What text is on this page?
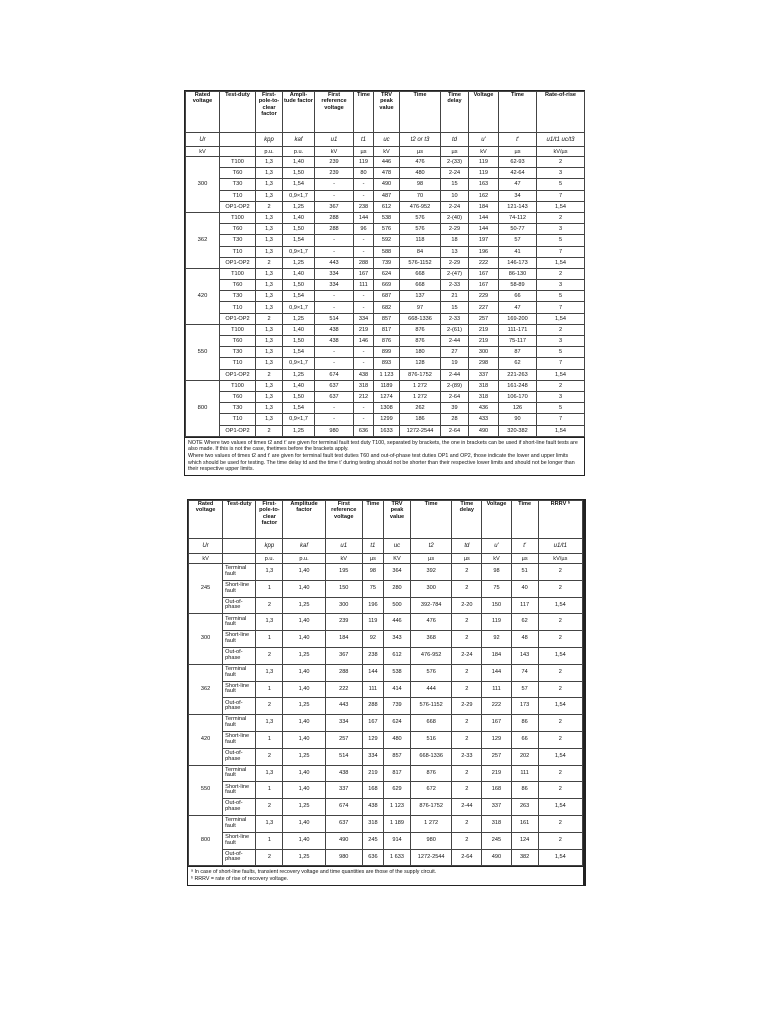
Rated voltage	Test-duty	First-pole-to-clear factor	Ampli-tude factor	First reference voltage	Time	TRV peak value	Time	Time delay	Voltage	Time	Rate-of-rise
Ur		kpp	kaf	u1	t1	uc	t2 or t3	td	u'	t'	u1/t1 uc/t3
kV		p.u.	p.u.	kV	µs	kV	µs	µs	kV	µs	kV/µs
300	T100	1,3	1,40	239	119	446	476	2-(33)	119	62-93	2
	T60	1,3	1,50	239	80	478	480	2-24	119	42-64	3
	T30	1,3	1,54	-	-	490	98	15	163	47	5
	T10	1,3	0,9×1,7	-	-	487	70	10	162	34	7
	OP1-OP2	2	1,25	367	238	612	476-952	2-24	184	121-143	1,54
362	T100	1,3	1,40	288	144	538	576	2-(40)	144	74-112	2
	T60	1,3	1,50	288	96	576	576	2-29	144	50-77	3
	T30	1,3	1,54	-	-	592	118	18	197	57	5
	T10	1,3	0,9×1,7	-	-	588	84	13	196	41	7
	OP1-OP2	2	1,25	443	288	739	576-1152	2-29	222	146-173	1,54
420	T100	1,3	1,40	334	167	624	668	2-(47)	167	86-130	2
	T60	1,3	1,50	334	111	669	668	2-33	167	58-89	3
	T30	1,3	1,54	-	-	687	137	21	229	66	5
	T10	1,3	0,9×1,7	-	-	682	97	15	227	47	7
	OP1-OP2	2	1,25	514	334	857	668-1336	2-33	257	169-200	1,54
550	T100	1,3	1,40	438	219	817	876	2-(61)	219	111-171	2
	T60	1,3	1,50	438	146	876	876	2-44	219	75-117	3
	T30	1,3	1,54	-	-	899	180	27	300	87	5
	T10	1,3	0,9×1,7	-	-	893	128	19	298	62	7
	OP1-OP2	2	1,25	674	438	1 123	876-1752	2-44	337	221-263	1,54
800	T100	1,3	1,40	637	318	1189	1 272	2-(89)	318	161-248	2
	T60	1,3	1,50	637	212	1274	1 272	2-64	318	106-170	3
	T30	1,3	1,54	-	-	1308	262	39	436	126	5
	T10	1,3	0,9×1,7	-	-	1299	186	28	433	90	7
	OP1-OP2	2	1,25	980	636	1633	1272-2544	2-64	490	320-382	1,54

NOTE Where two values of times t2 and t' are given for terminal fault test duty T100, separated by brackets, the one in brackets can be used if short-line fault tests are also made. If this is not the case, thetimes before the brackets apply.

Where two values of times t2 and t' are given for terminal fault test duties T60 and out-of-phase test duties OP1 and OP2, those indicate the lower and upper limits which should be used for testing. The time delay td and the time t' during testing should not be shorter than their respective lower limits and should not be longer than their respective upper limits.

Rated voltage	Test-duty	First-pole-to-clear factor	Amplitude factor	First reference voltage	Time	TRV peak value	Time	Time delay	Voltage	Time	RRRV ᵇ
Ur		kpp	kaf	u1	t1	uc	t2	td	u'	t'	u1/t1
kV		p.u.	p.u.	kV	µs	KV	µs	µs	kV	µs	kV/µs
245	Terminal fault	1,3	1,40	195	98	364	392	2	98	51	2
	Short-line fault	1	1,40	150	75	280	300	2	75	40	2
	Out-of-phase	2	1,25	300	196	500	392-784	2-20	150	117	1,54
300	Terminal fault	1,3	1,40	239	119	446	476	2	119	62	2
	Short-line fault	1	1,40	184	92	343	368	2	92	48	2
	Out-of-phase	2	1,25	367	238	612	476-952	2-24	184	143	1,54
362	Terminal fault	1,3	1,40	288	144	538	576	2	144	74	2
	Short-line fault	1	1,40	222	111	414	444	2	111	57	2
	Out-of-phase	2	1,25	443	288	739	576-1152	2-29	222	173	1,54
420	Terminal fault	1,3	1,40	334	167	624	668	2	167	86	2
	Short-line fault	1	1,40	257	129	480	516	2	129	66	2
	Out-of-phase	2	1,25	514	334	857	668-1336	2-33	257	202	1,54
550	Terminal fault	1,3	1,40	438	219	817	876	2	219	111	2
	Short-line fault	1	1,40	337	168	629	672	2	168	86	2
	Out-of-phase	2	1,25	674	438	1 123	876-1752	2-44	337	263	1,54
800	Terminal fault	1,3	1,40	637	318	1 189	1 272	2	318	161	2
	Short-line fault	1	1,40	490	245	914	980	2	245	124	2
	Out-of-phase	2	1,25	980	636	1 633	1272-2544	2-64	490	382	1,54

ᵃ In case of short-line faults, transient recovery voltage and time quantities are those of the supply circuit.

ᵇ RRRV = rate of rise of recovery voltage.
